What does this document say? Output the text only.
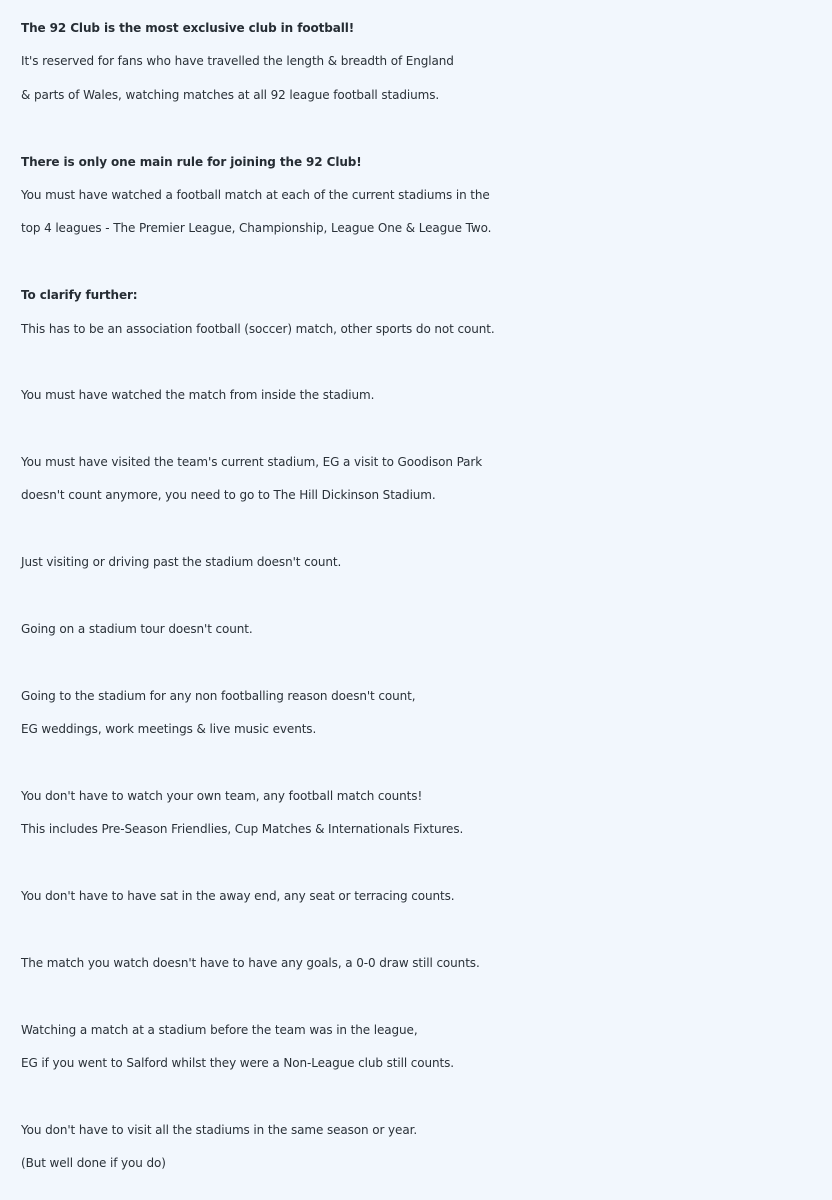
The 92 Club is the most exclusive club in football!
It's reserved for fans who have travelled the length & breadth of England
& parts of Wales, watching matches at all 92 league football stadiums.
There is only one main rule for joining the 92 Club!
You must have watched a football match at each of the current stadiums in the
top 4 leagues - The Premier League, Championship, League One & League Two.
To clarify further:
This has to be an association football (soccer) match, other sports do not count.
You must have watched the match from inside the stadium.
You must have visited the team's current stadium, EG a visit to Goodison Park
doesn't count anymore, you need to go to The Hill Dickinson Stadium.
Just visiting or driving past the stadium doesn't count.
Going on a stadium tour doesn't count.
Going to the stadium for any non footballing reason doesn't count,
EG weddings, work meetings & live music events.
You don't have to watch your own team, any football match counts!
This includes Pre-Season Friendlies, Cup Matches & Internationals Fixtures.
You don't have to have sat in the away end, any seat or terracing counts.
The match you watch doesn't have to have any goals, a 0-0 draw still counts.
Watching a match at a stadium before the team was in the league,
EG if you went to Salford whilst they were a Non-League club still counts.
You don't have to visit all the stadiums in the same season or year.
(But well done if you do)
